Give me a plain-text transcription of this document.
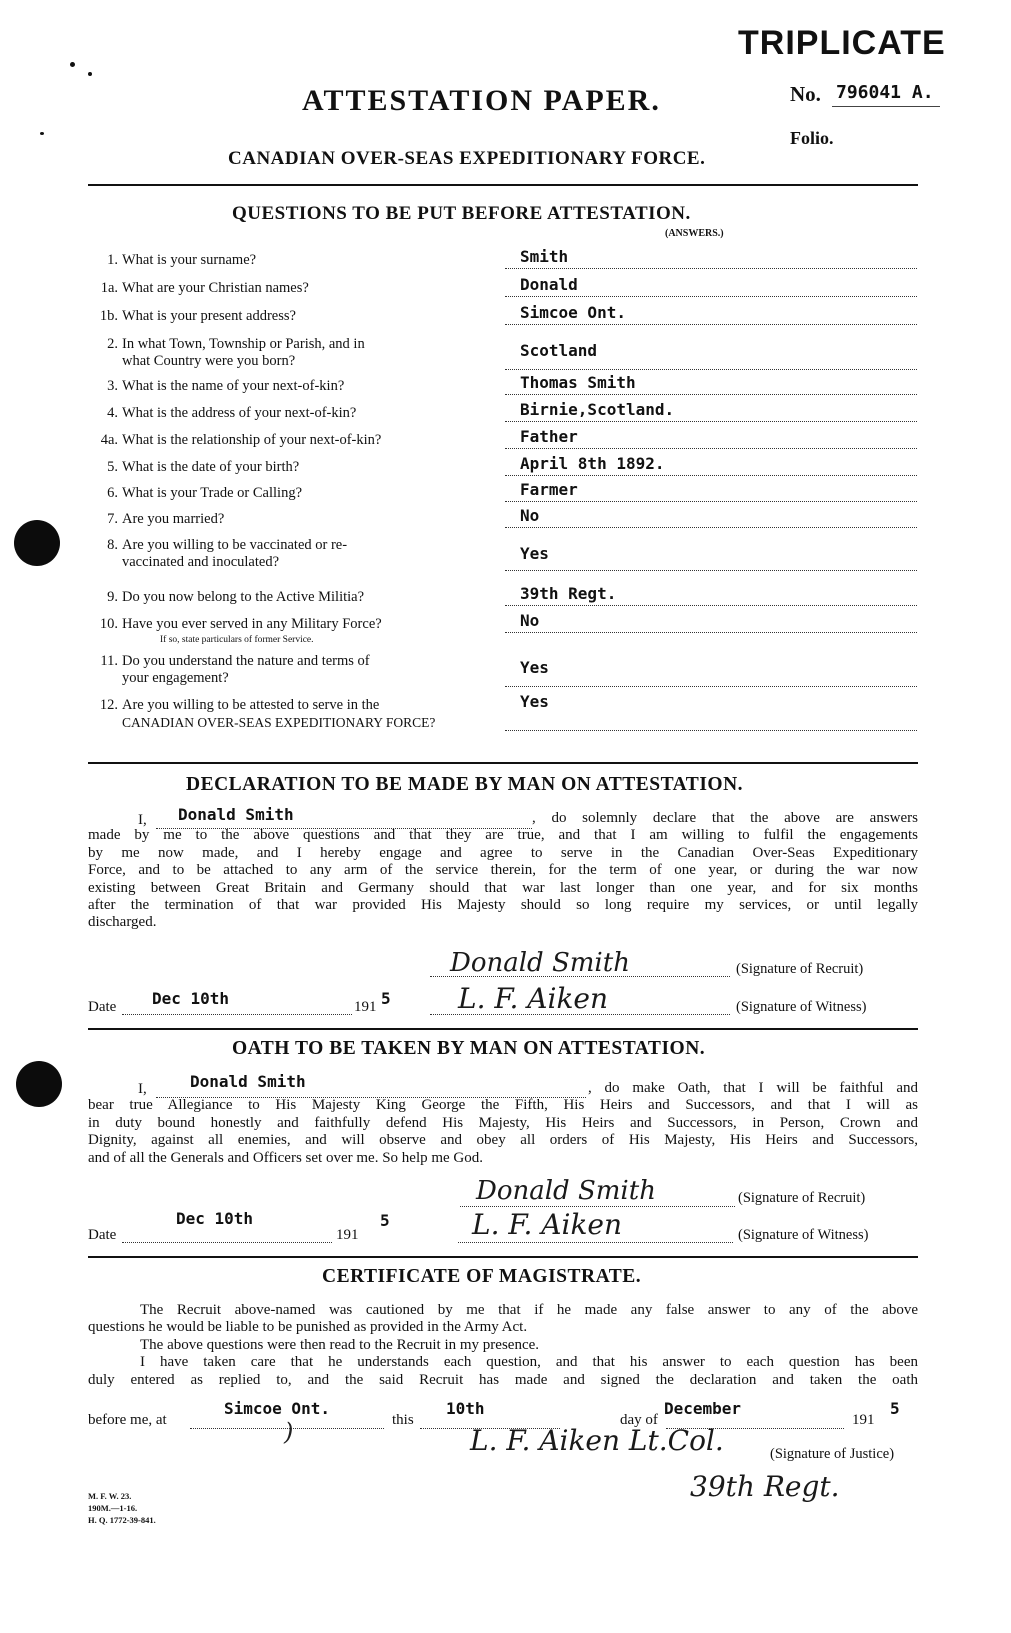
TRIPLICATE
No. 796041 A.
Folio.
ATTESTATION PAPER.
CANADIAN OVER-SEAS EXPEDITIONARY FORCE.
QUESTIONS TO BE PUT BEFORE ATTESTATION.
(ANSWERS.)
1. What is your surname?	Smith
1a. What are your Christian names?	Donald
1b. What is your present address?	Simcoe Ont.
2. In what Town, Township or Parish, and in
what Country were you born?
Scotland
3. What is the name of your next-of-kin?	Thomas Smith
4. What is the address of your next-of-kin?	Birnie,Scotland.
4a. What is the relationship of your next-of-kin?	Father
5. What is the date of your birth?	April 8th 1892.
6. What is your Trade or Calling?	Farmer
7. Are you married?	No
8. Are you willing to be vaccinated or re-
vaccinated and inoculated?	Yes
9. Do you now belong to the Active Militia?	39th Regt.
10. Have you ever served in any Military Force?
If so, state particulars of former Service.
No
11. Do you understand the nature and terms of
your engagement?
Yes
12. Are you willing to be attested to serve in the
CANADIAN OVER-SEAS EXPEDITIONARY FORCE?
Yes
DECLARATION TO BE MADE BY MAN ON ATTESTATION.
I, Donald Smith	, do solemnly declare that the above are answers
made by me to the above questions and that they are true, and that I am willing to fulfil the engagements
by me now made, and I hereby engage and agree to serve in the Canadian Over-Seas Expeditionary
Force, and to be attached to any arm of the service therein, for the term of one year, or during the war now
existing between Great Britain and Germany should that war last longer than one year, and for six months
after the termination of that war provided His Majesty should so long require my services, or until legally
discharged.
Donald Smith	(Signature of Recruit)
Date Dec 10th	191 5 L. F. Aiken	(Signature of Witness)
OATH TO BE TAKEN BY MAN ON ATTESTATION.
I,	Donald Smith	, do make Oath, that I will be faithful and
bear true Allegiance to His Majesty King George the Fifth, His Heirs and Successors, and that I will as
in duty bound honestly and faithfully defend His Majesty, His Heirs and Successors, in Person, Crown and
Dignity, against all enemies, and will observe and obey all orders of His Majesty, His Heirs and Successors,
and of all the Generals and Officers set over me. So help me God.
Donald Smith	(Signature of Recruit)
Date
Dec 10th
191
5	L. F. Aiken	(Signature of Witness)
CERTIFICATE OF MAGISTRATE.
The Recruit above-named was cautioned by me that if he made any false answer to any of the above
questions he would be liable to be punished as provided in the Army Act.
The above questions were then read to the Recruit in my presence.
I have taken care that he understands each question, and that his answer to each question has been
duly entered as replied to, and the said Recruit has made and signed the declaration and taken the oath
before me, at
Simcoe Ont.
this
10th
day of
December
191
5
L. F. Aiken Lt.Col.	(Signature of Justice)
39th Regt.
)
M. F. W. 23.
190M.—1-16.
H. Q. 1772-39-841.
